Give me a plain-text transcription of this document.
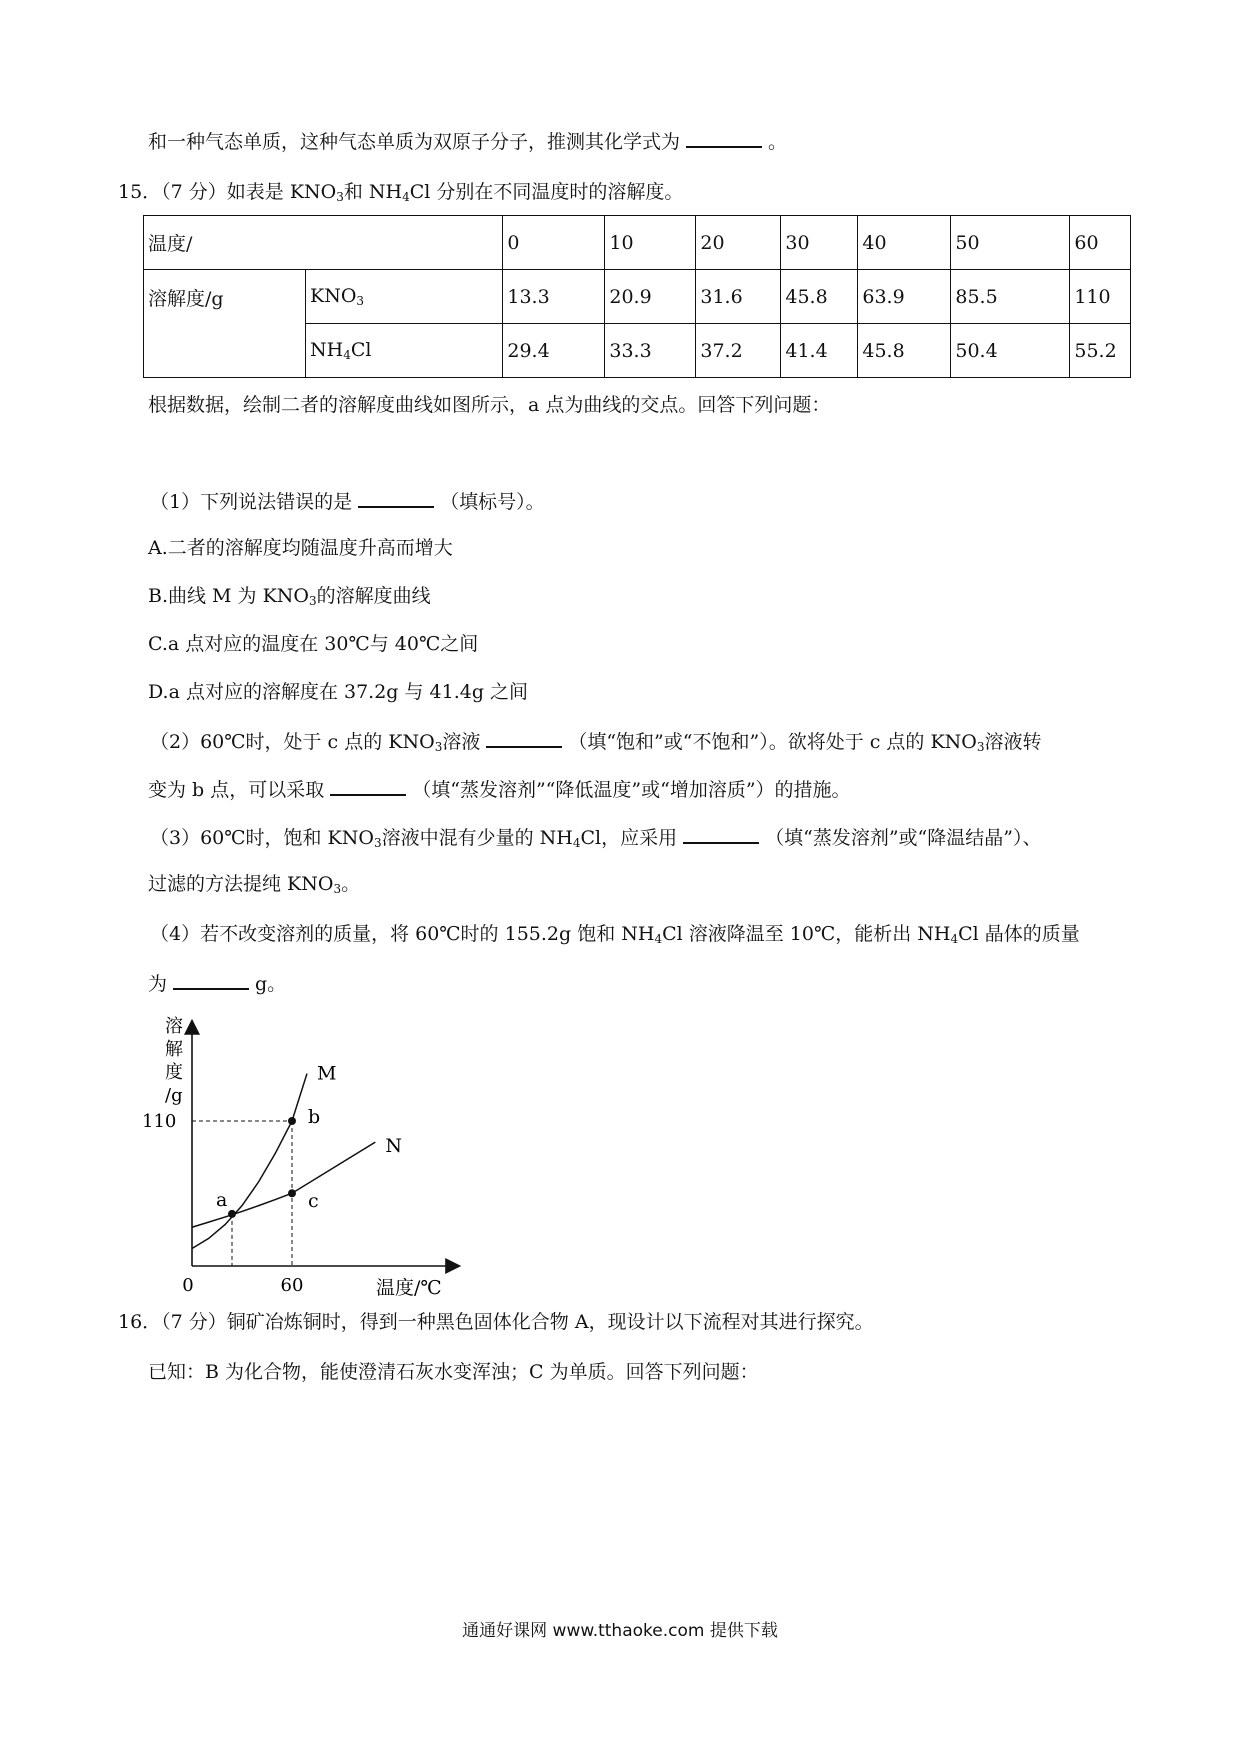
和一种气态单质，这种气态单质为双原子分子，推测其化学式为	。
15．（7 分）如表是 $KNO_3$和 $NH_4Cl$ 分别在不同温度时的溶解度。
温度/		0	10	20	30	40	50	60
溶解度/g	$KNO_3$	13.3	20.9	31.6	45.8	63.9	85.5	110
	$NH_4Cl$	29.4	33.3	37.2	41.4	45.8	50.4	55.2
根据数据，绘制二者的溶解度曲线如图所示，a 点为曲线的交点。回答下列问题：
（1）下列说法错误的是	（填标号）。
A.二者的溶解度均随温度升高而增大
B.曲线 M 为 $KNO_3$的溶解度曲线
C.a 点对应的温度在 30℃与 40℃之间
D.a 点对应的溶解度在 37.2g 与 41.4g 之间
（2）60℃时，处于 c 点的 $KNO_3$溶液	（填“饱和”或“不饱和”）。欲将处于 c 点的 $KNO_3$溶液转
变为 b 点，可以采取	（填“蒸发溶剂”“降低温度”或“增加溶质”）的措施。
（3）60℃时，饱和 $KNO_3$溶液中混有少量的 $NH_4Cl$，应采用	（填“蒸发溶剂”或“降温结晶”）、
过滤的方法提纯 $KNO_3$。
（4）若不改变溶剂的质量，将 60℃时的 155.2g 饱和 $NH_4Cl$ 溶液降温至 10℃，能析出 $NH_4Cl$ 晶体的质量
为	g。
溶
解
度
/g
110
0	60	温度/℃
M
N
a
b
c
16．（7 分）铜矿冶炼铜时，得到一种黑色固体化合物 A，现设计以下流程对其进行探究。
已知：B 为化合物，能使澄清石灰水变浑浊；C 为单质。回答下列问题：
通通好课网 www.tthaoke.com 提供下载
